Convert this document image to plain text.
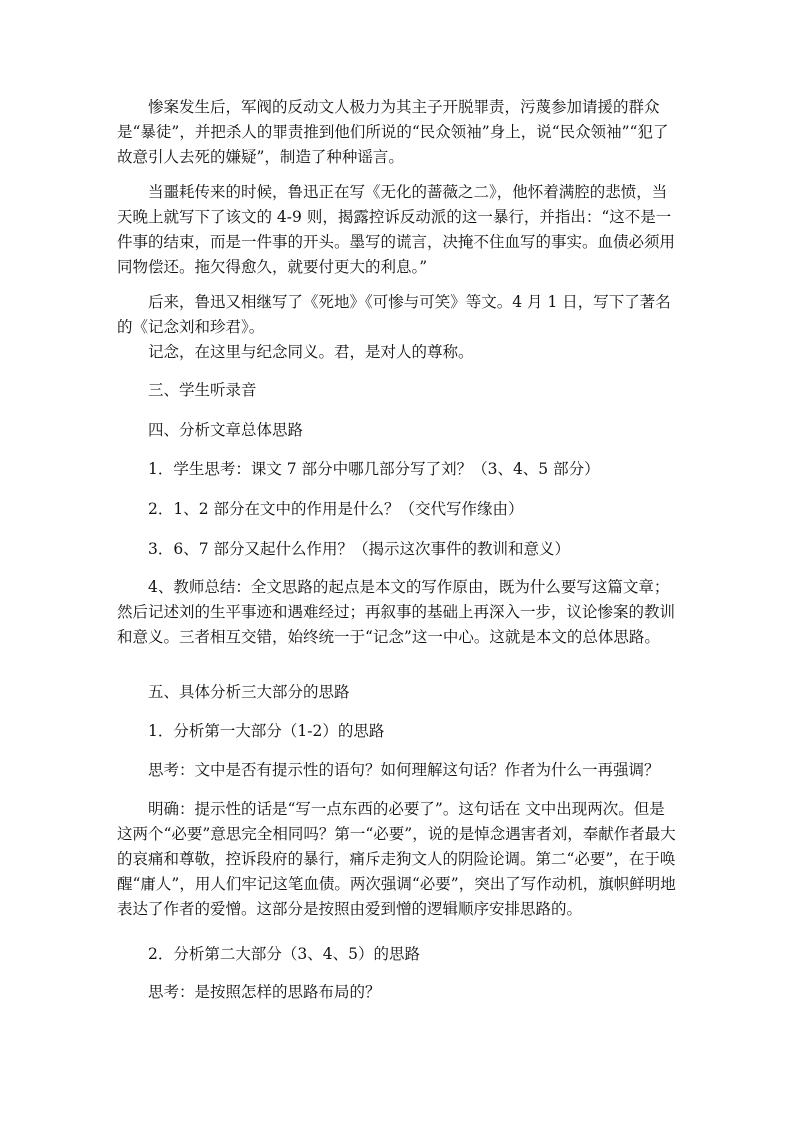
惨案发生后，军阀的反动文人极力为其主子开脱罪责，污蔑参加请援的群众是“暴徒”，并把杀人的罪责推到他们所说的“民众领袖”身上，说“民众领袖”“犯了故意引人去死的嫌疑”，制造了种种谣言。

当噩耗传来的时候，鲁迅正在写《无化的蔷薇之二》，他怀着满腔的悲愤，当天晚上就写下了该文的 4-9 则，揭露控诉反动派的这一暴行，并指出：“这不是一件事的结束，而是一件事的开头。墨写的谎言，决掩不住血写的事实。血债必须用同物偿还。拖欠得愈久，就要付更大的利息。”

后来，鲁迅又相继写了《死地》《可惨与可笑》等文。4 月 1 日，写下了著名的《记念刘和珍君》。

记念，在这里与纪念同义。君，是对人的尊称。

三、学生听录音

四、分析文章总体思路

1．学生思考：课文 7 部分中哪几部分写了刘？（3、4、5 部分）

2．1、2 部分在文中的作用是什么？（交代写作缘由）

3．6、7 部分又起什么作用？（揭示这次事件的教训和意义）

4、教师总结：全文思路的起点是本文的写作原由，既为什么要写这篇文章；然后记述刘的生平事迹和遇难经过；再叙事的基础上再深入一步，议论惨案的教训和意义。三者相互交错，始终统一于“记念”这一中心。这就是本文的总体思路。

五、具体分析三大部分的思路

1．分析第一大部分（1-2）的思路

思考：文中是否有提示性的语句？如何理解这句话？作者为什么一再强调？

明确：提示性的话是“写一点东西的必要了”。这句话在 文中出现两次。但是这两个“必要”意思完全相同吗？第一“必要”，说的是悼念遇害者刘，奉献作者最大的哀痛和尊敬，控诉段府的暴行，痛斥走狗文人的阴险论调。第二“必要”，在于唤醒“庸人”，用人们牢记这笔血债。两次强调“必要”，突出了写作动机，旗帜鲜明地表达了作者的爱憎。这部分是按照由爱到憎的逻辑顺序安排思路的。

2．分析第二大部分（3、4、5）的思路

思考：是按照怎样的思路布局的？
